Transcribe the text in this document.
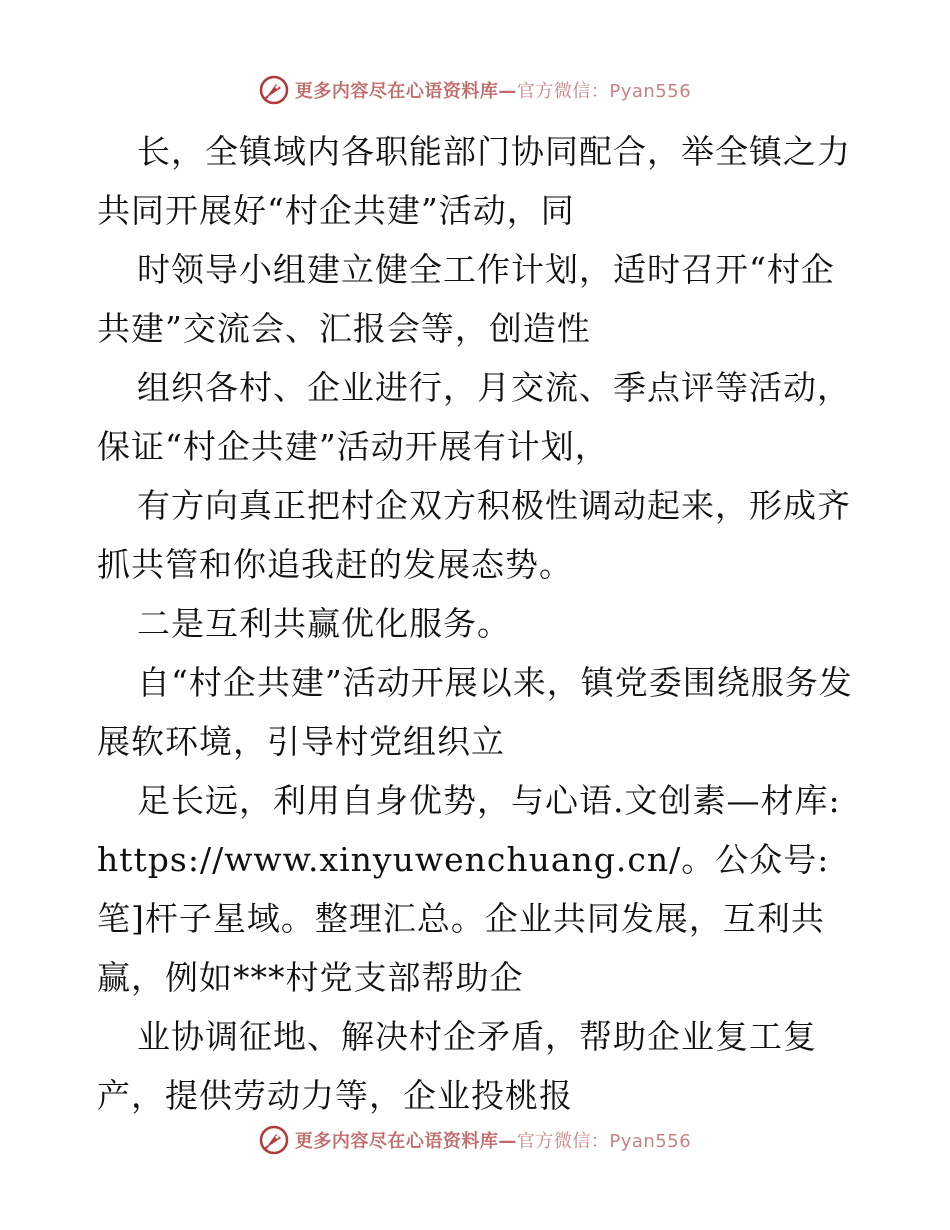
更多内容尽在心语资料库—官方微信：Pyan556

长，全镇域内各职能部门协同配合，举全镇之力共同开展好“村企共建”活动，同

时领导小组建立健全工作计划，适时召开“村企共建”交流会、汇报会等，创造性

组织各村、企业进行，月交流、季点评等活动，保证“村企共建”活动开展有计划，

有方向真正把村企双方积极性调动起来，形成齐抓共管和你追我赶的发展态势。

二是互利共赢优化服务。

自“村企共建”活动开展以来，镇党委围绕服务发展软环境，引导村党组织立

足长远，利用自身优势，与心语.文创素—材库: https://www.xinyuwenchuang.cn/。公众号:笔]杆子星域。整理汇总。企业共同发展，互利共赢，例如***村党支部帮助企

业协调征地、解决村企矛盾，帮助企业复工复产，提供劳动力等，企业投桃报

更多内容尽在心语资料库—官方微信：Pyan556
